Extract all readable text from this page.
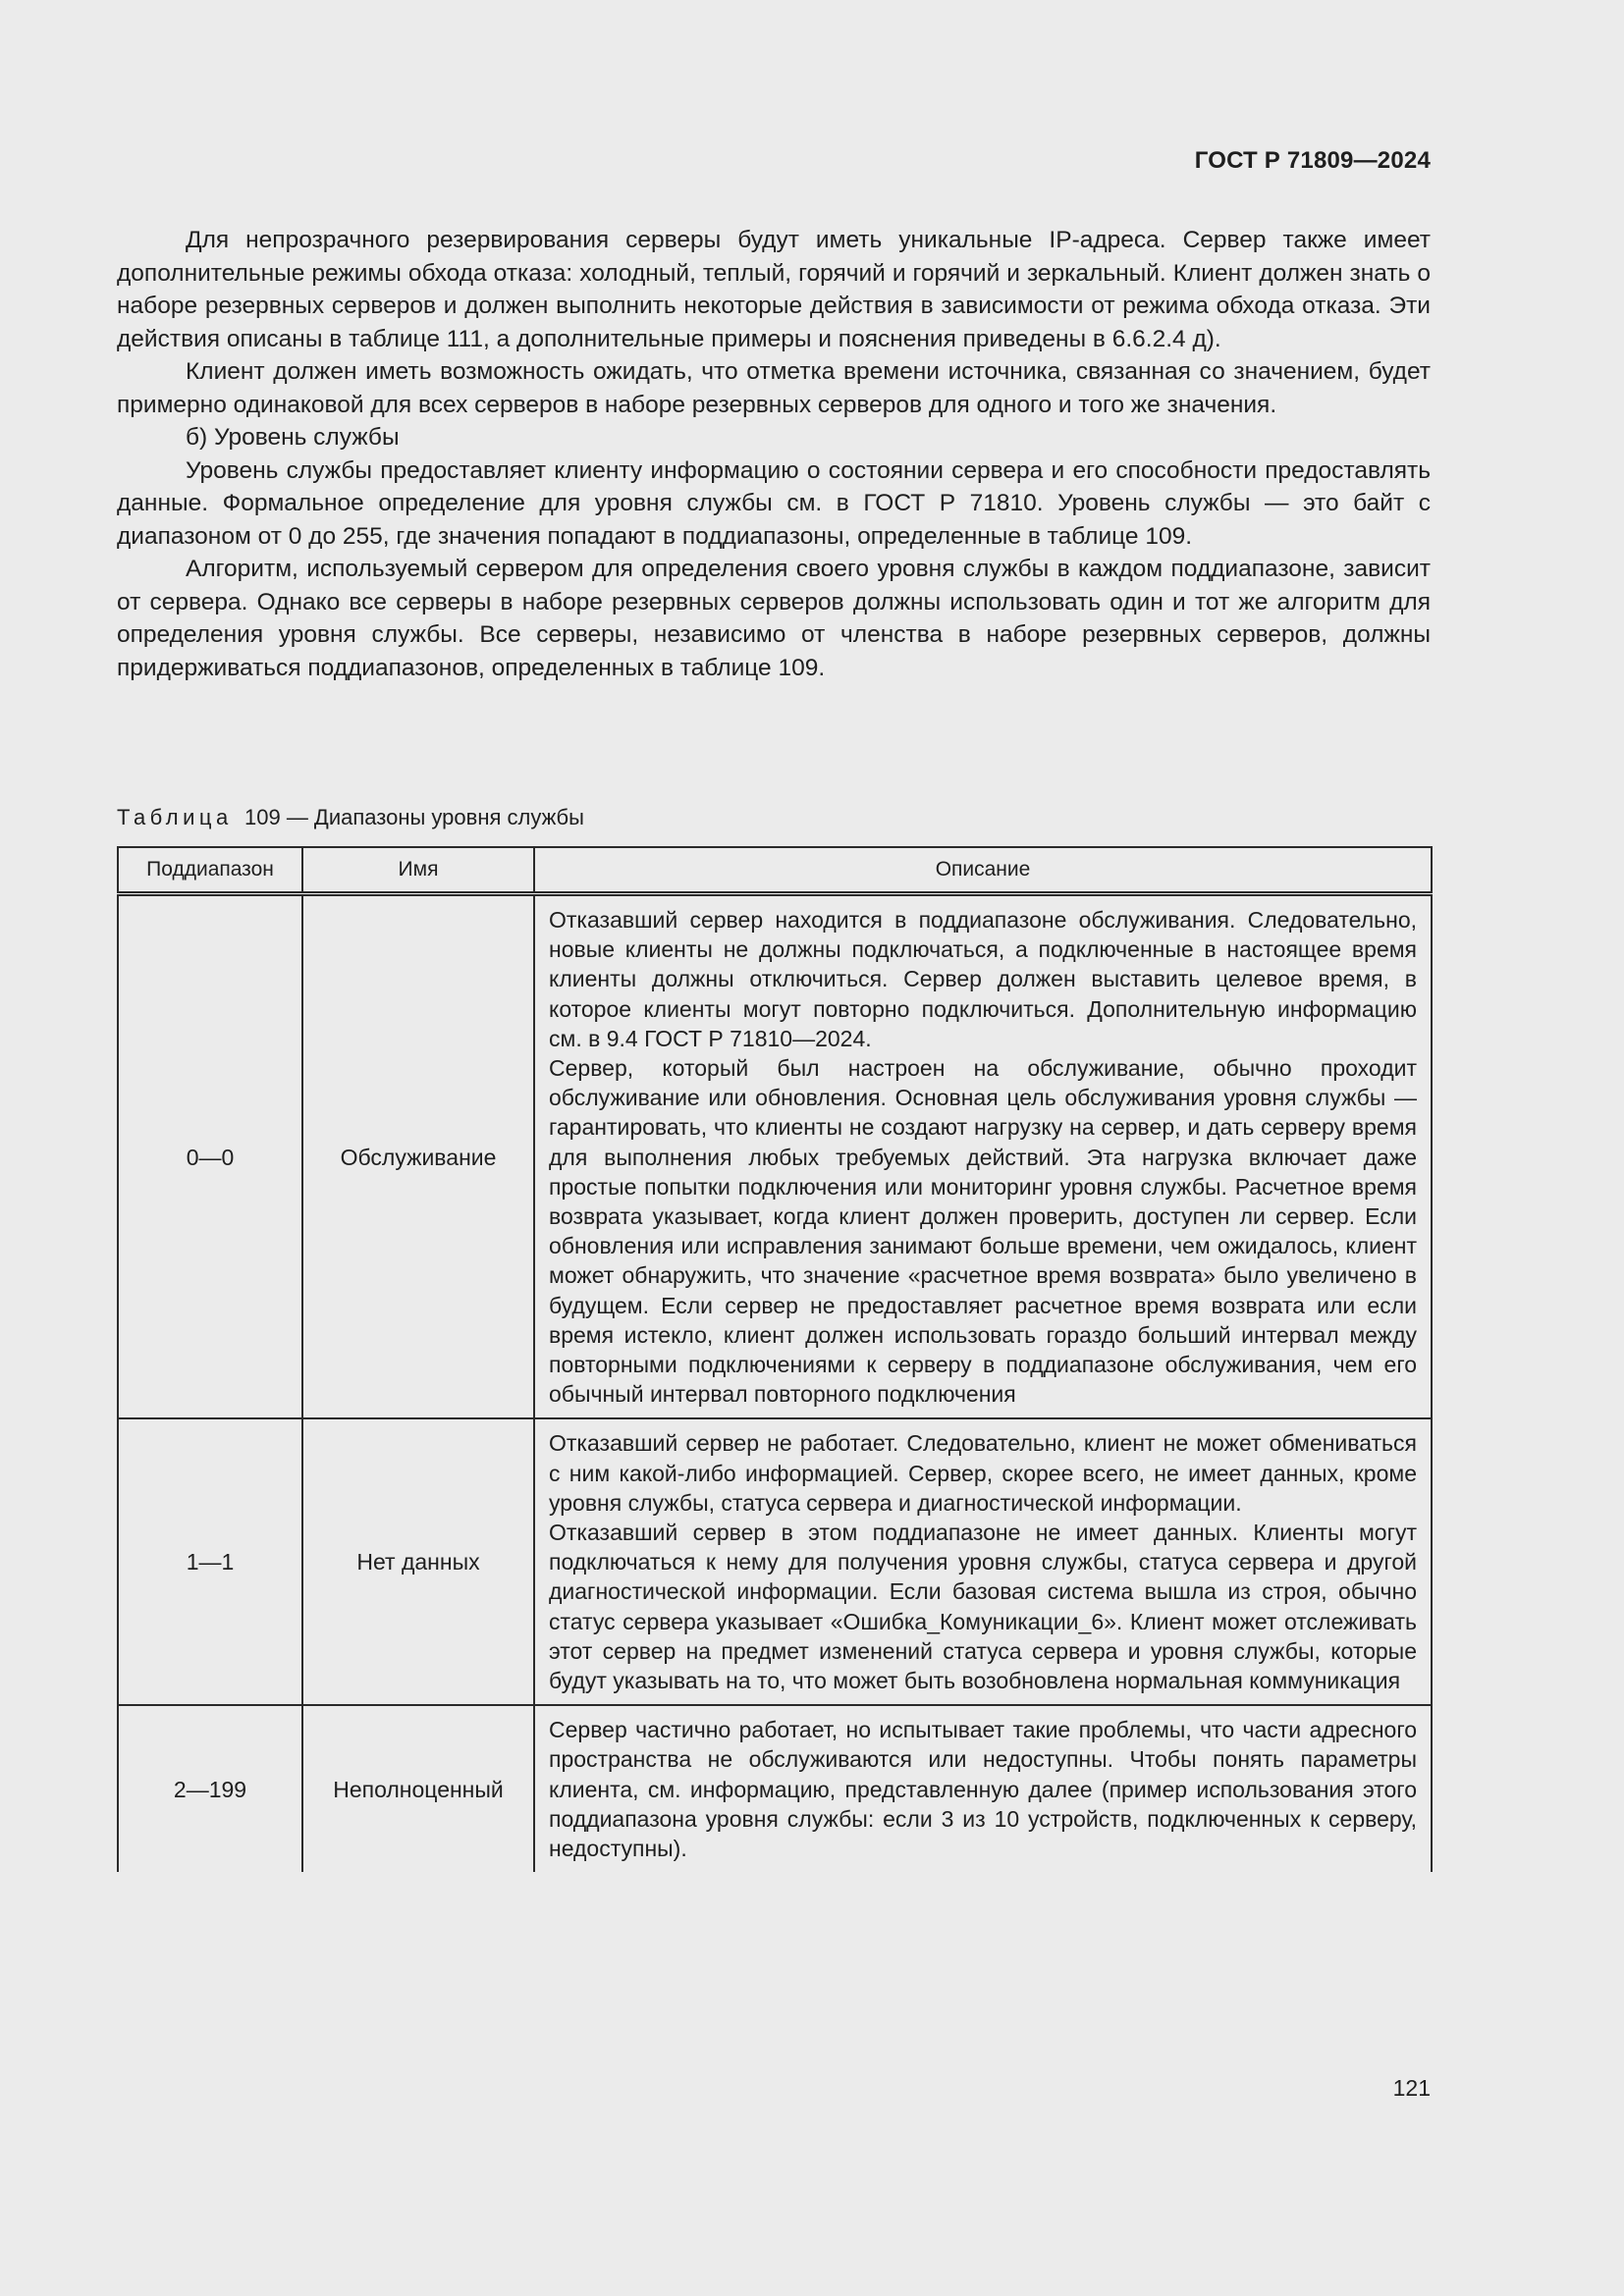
ГОСТ Р 71809—2024

Для непрозрачного резервирования серверы будут иметь уникальные IP-адреса. Сервер также имеет дополнительные режимы обхода отказа: холодный, теплый, горячий и горячий и зеркальный. Клиент должен знать о наборе резервных серверов и должен выполнить некоторые действия в зависимости от режима обхода отказа. Эти действия описаны в таблице 111, а дополнительные примеры и пояснения приведены в 6.6.2.4 д).

Клиент должен иметь возможность ожидать, что отметка времени источника, связанная со значением, будет примерно одинаковой для всех серверов в наборе резервных серверов для одного и того же значения.

б) Уровень службы

Уровень службы предоставляет клиенту информацию о состоянии сервера и его способности предоставлять данные. Формальное определение для уровня службы см. в ГОСТ Р 71810. Уровень службы — это байт с диапазоном от 0 до 255, где значения попадают в поддиапазоны, определенные в таблице 109.

Алгоритм, используемый сервером для определения своего уровня службы в каждом поддиапазоне, зависит от сервера. Однако все серверы в наборе резервных серверов должны использовать один и тот же алгоритм для определения уровня службы. Все серверы, независимо от членства в наборе резервных серверов, должны придерживаться поддиапазонов, определенных в таблице 109.

Таблица 109 — Диапазоны уровня службы
Поддиапазон	Имя	Описание
0—0	Обслуживание	Отказавший сервер находится в поддиапазоне обслуживания. Следовательно, новые клиенты не должны подключаться, а подключенные в настоящее время клиенты должны отключиться. Сервер должен выставить целевое время, в которое клиенты могут повторно подключиться. Дополнительную информацию см. в 9.4 ГОСТ Р 71810—2024.
Сервер, который был настроен на обслуживание, обычно проходит обслуживание или обновления. Основная цель обслуживания уровня службы — гарантировать, что клиенты не создают нагрузку на сервер, и дать серверу время для выполнения любых требуемых действий. Эта нагрузка включает даже простые попытки подключения или мониторинг уровня службы. Расчетное время возврата указывает, когда клиент должен проверить, доступен ли сервер. Если обновления или исправления занимают больше времени, чем ожидалось, клиент может обнаружить, что значение «расчетное время возврата» было увеличено в будущем. Если сервер не предоставляет расчетное время возврата или если время истекло, клиент должен использовать гораздо больший интервал между повторными подключениями к серверу в поддиапазоне обслуживания, чем его обычный интервал повторного подключения

1—1	Нет данных	Отказавший сервер не работает. Следовательно, клиент не может обмениваться с ним какой-либо информацией. Сервер, скорее всего, не имеет данных, кроме уровня службы, статуса сервера и диагностической информации.
Отказавший сервер в этом поддиапазоне не имеет данных. Клиенты могут подключаться к нему для получения уровня службы, статуса сервера и другой диагностической информации. Если базовая система вышла из строя, обычно статус сервера указывает «Ошибка_Комуникации_6». Клиент может отслеживать этот сервер на предмет изменений статуса сервера и уровня службы, которые будут указывать на то, что может быть возобновлена нормальная коммуникация

2—199	Неполноценный	Сервер частично работает, но испытывает такие проблемы, что части адресного пространства не обслуживаются или недоступны. Чтобы понять параметры клиента, см. информацию, представленную далее (пример использования этого поддиапазона уровня службы: если 3 из 10 устройств, подключенных к серверу, недоступны).
121
